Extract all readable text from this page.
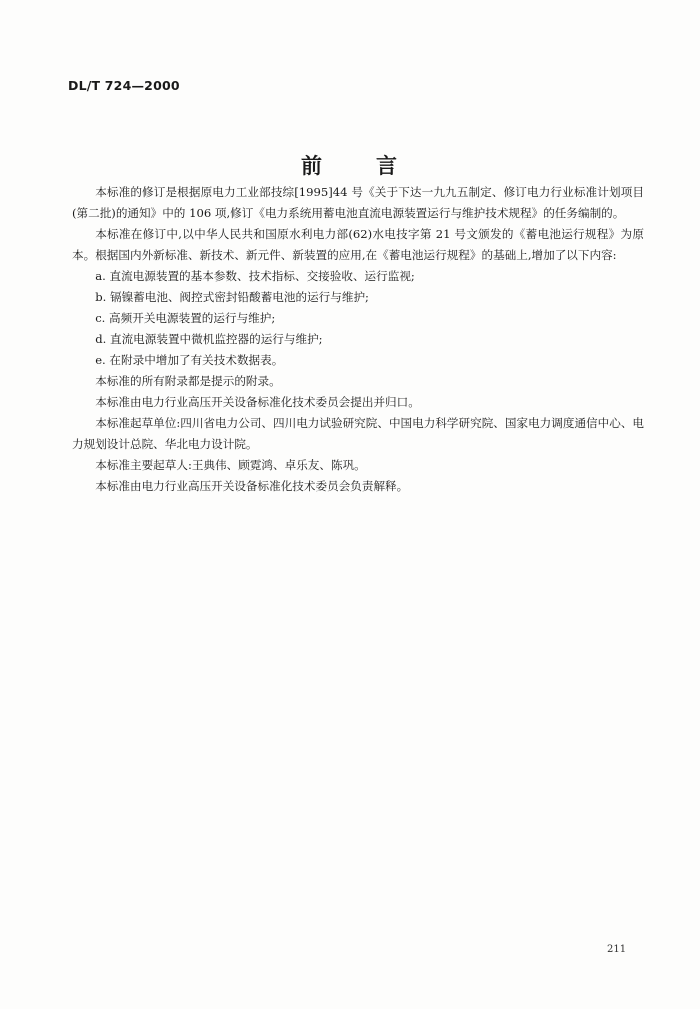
DL/T 724—2000
前 言

本标准的修订是根据原电力工业部技综[1995]44 号《关于下达一九九五制定、修订电力行业标准计划项目(第二批)的通知》中的 106 项,修订《电力系统用蓄电池直流电源装置运行与维护技术规程》的任务编制的。

本标准在修订中,以中华人民共和国原水利电力部(62)水电技字第 21 号文颁发的《蓄电池运行规程》为原本。根据国内外新标准、新技术、新元件、新装置的应用,在《蓄电池运行规程》的基础上,增加了以下内容:

a. 直流电源装置的基本参数、技术指标、交接验收、运行监视;

b. 镉镍蓄电池、阀控式密封铅酸蓄电池的运行与维护;

c. 高频开关电源装置的运行与维护;

d. 直流电源装置中微机监控器的运行与维护;

e. 在附录中增加了有关技术数据表。

本标准的所有附录都是提示的附录。

本标准由电力行业高压开关设备标准化技术委员会提出并归口。

本标准起草单位:四川省电力公司、四川电力试验研究院、中国电力科学研究院、国家电力调度通信中心、电力规划设计总院、华北电力设计院。

本标准主要起草人:王典伟、顾霓鸿、卓乐友、陈巩。

本标准由电力行业高压开关设备标准化技术委员会负责解释。

211
